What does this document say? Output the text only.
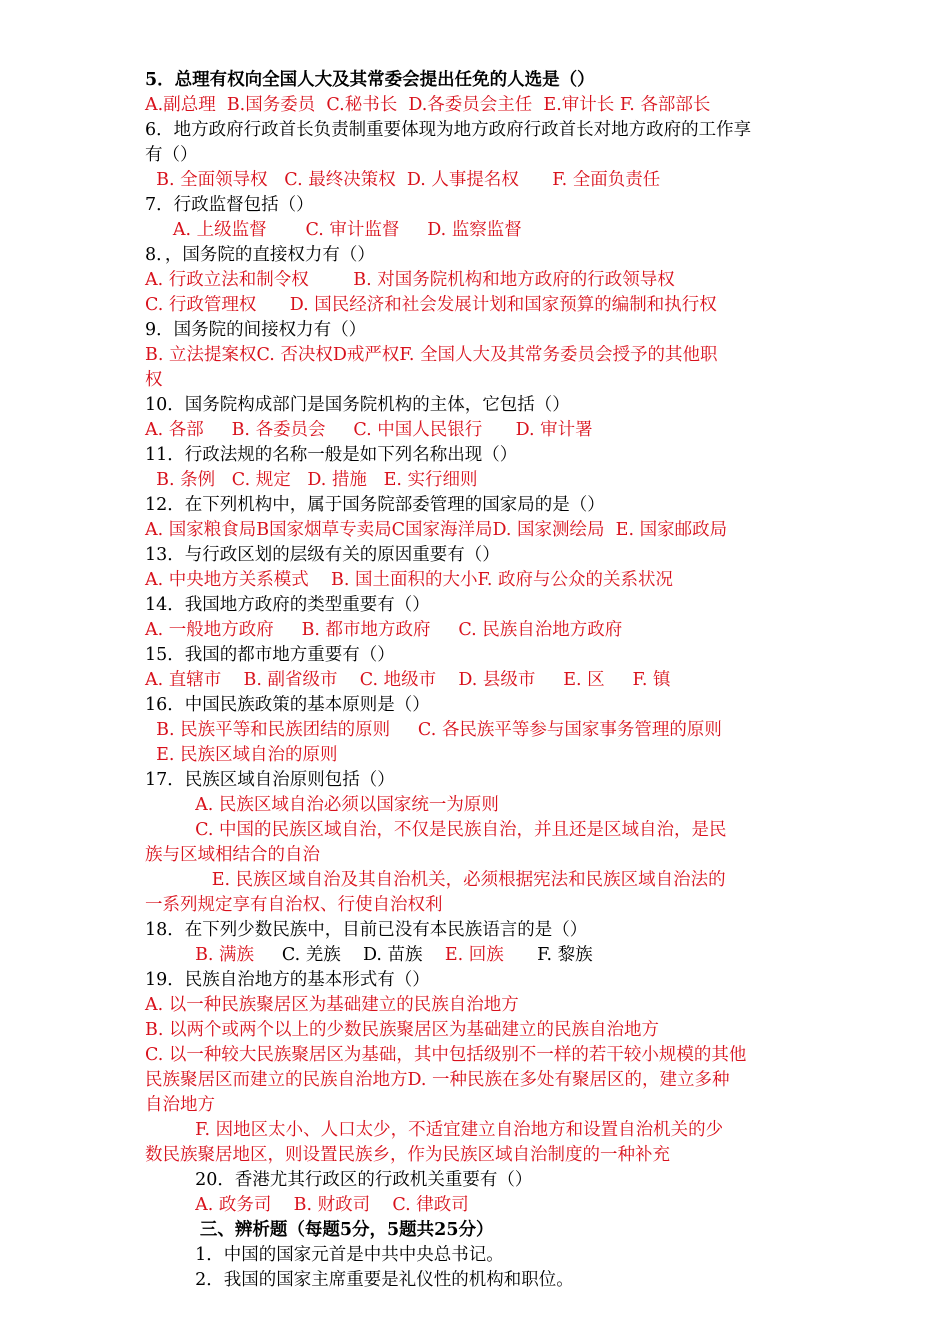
5．总理有权向全国人大及其常委会提出任免的人选是（）
A.副总理  B.国务委员  C.秘书长  D.各委员会主任  E.审计长 F. 各部部长
6．地方政府行政首长负责制重要体现为地方政府行政首长对地方政府的工作享
有（）
B. 全面领导权   C. 最终决策权  D. 人事提名权      F. 全面负责任
7．行政监督包括（）
A. 上级监督       C. 审计监督     D. 监察监督
8．，国务院的直接权力有（）
A. 行政立法和制令权        B. 对国务院机构和地方政府的行政领导权
C. 行政管理权      D. 国民经济和社会发展计划和国家预算的编制和执行权
9．国务院的间接权力有（）
B. 立法提案权C. 否决权D戒严权F. 全国人大及其常务委员会授予的其他职
权
10．国务院构成部门是国务院机构的主体，它包括（）
A. 各部     B. 各委员会     C. 中国人民银行      D. 审计署
11．行政法规的名称一般是如下列名称出现（）
B. 条例   C. 规定   D. 措施   E. 实行细则
12．在下列机构中，属于国务院部委管理的国家局的是（）
A. 国家粮食局B国家烟草专卖局C国家海洋局D. 国家测绘局  E. 国家邮政局
13．与行政区划的层级有关的原因重要有（）
A. 中央地方关系模式    B. 国土面积的大小F. 政府与公众的关系状况
14．我国地方政府的类型重要有（）
A. 一般地方政府     B. 都市地方政府     C. 民族自治地方政府
15．我国的都市地方重要有（）
A. 直辖市    B. 副省级市    C. 地级市    D. 县级市     E. 区     F. 镇
16．中国民族政策的基本原则是（）
B. 民族平等和民族团结的原则     C. 各民族平等参与国家事务管理的原则
E. 民族区域自治的原则
17．民族区域自治原则包括（）
A. 民族区域自治必须以国家统一为原则
C. 中国的民族区域自治，不仅是民族自治，并且还是区域自治，是民
族与区域相结合的自治
E. 民族区域自治及其自治机关，必须根据宪法和民族区域自治法的
一系列规定享有自治权、行使自治权利
18．在下列少数民族中，目前已没有本民族语言的是（）
B. 满族     C. 羌族    D. 苗族    E. 回族      F. 黎族
19．民族自治地方的基本形式有（）
A. 以一种民族聚居区为基础建立的民族自治地方
B. 以两个或两个以上的少数民族聚居区为基础建立的民族自治地方
C. 以一种较大民族聚居区为基础，其中包括级别不一样的若干较小规模的其他
民族聚居区而建立的民族自治地方D. 一种民族在多处有聚居区的，建立多种
自治地方
F. 因地区太小、人口太少，不适宜建立自治地方和设置自治机关的少
数民族聚居地区，则设置民族乡，作为民族区域自治制度的一种补充
20．香港尤其行政区的行政机关重要有（）
A. 政务司    B. 财政司    C. 律政司
三、辨析题（每题5分，5题共25分）
1．中国的国家元首是中共中央总书记。
2．我国的国家主席重要是礼仪性的机构和职位。
